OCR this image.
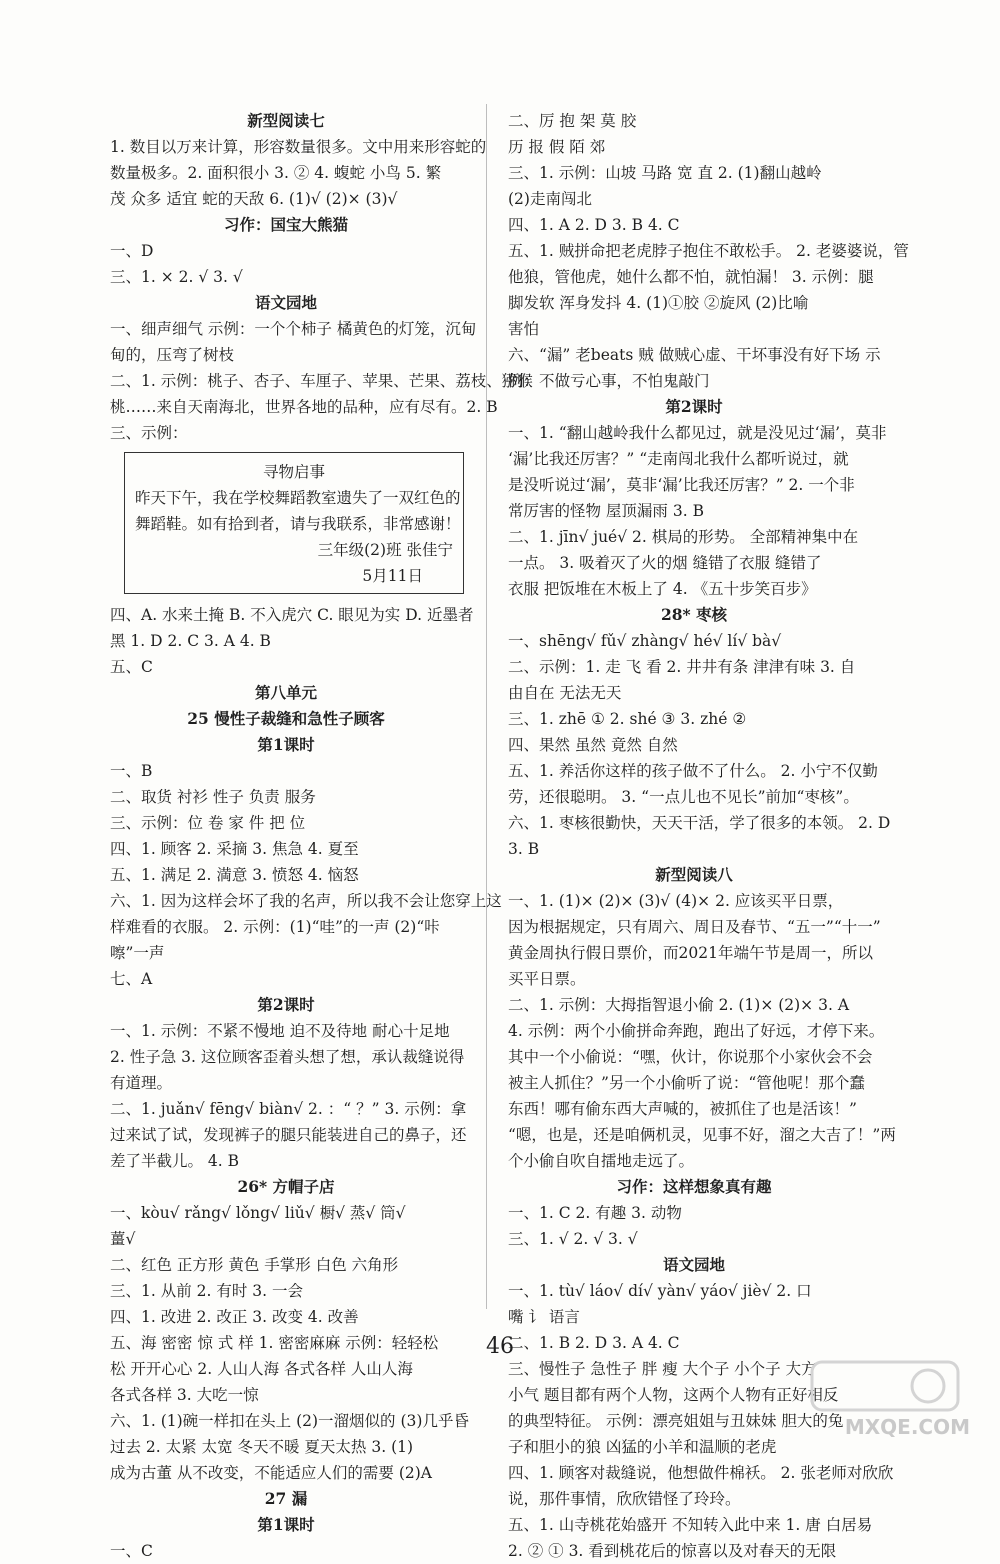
新型阅读七
1. 数目以万来计算，形容数量很多。文中用来形容蛇的
数量极多。2. 面积很小 3. ② 4. 蝮蛇 小鸟 5. 繁
茂 众多 适宜 蛇的天敌 6. (1)√ (2)× (3)√
习作：国宝大熊猫
一、D
三、1. × 2. √ 3. √
语文园地
一、细声细气 示例：一个个柿子 橘黄色的灯笼，沉甸
甸的，压弯了树枝
二、1. 示例：桃子、杏子、车厘子、苹果、芒果、荔枝、猕猴
桃……来自天南海北，世界各地的品种，应有尽有。2. B
三、示例：
寻物启事
昨天下午，我在学校舞蹈教室遗失了一双红色的
舞蹈鞋。如有拾到者，请与我联系，非常感谢！
三年级(2)班 张佳宁
5月11日
四、A. 水来土掩 B. 不入虎穴 C. 眼见为实 D. 近墨者
黑 1. D 2. C 3. A 4. B
五、C
第八单元
25 慢性子裁缝和急性子顾客
第1课时
一、B
二、取货 衬衫 性子 负责 服务
三、示例：位 卷 家 件 把 位
四、1. 顾客 2. 采摘 3. 焦急 4. 夏至
五、1. 满足 2. 満意 3. 愤怒 4. 恼怒
六、1. 因为这样会坏了我的名声，所以我不会让您穿上这
样难看的衣服。 2. 示例：(1)“哇”的一声 (2)“咔
嚓”一声
七、A
第2课时
一、1. 示例：不紧不慢地 迫不及待地 耐心十足地
2. 性子急 3. 这位顾客歪着头想了想，承认裁缝说得
有道理。
二、1. juǎn√ fēng√ biàn√ 2. ：“ ？” 3. 示例：拿
过来试了试，发现裤子的腿只能装进自己的鼻子，还
差了半截儿。 4. B
26* 方帽子店
一、kòu√ rǎng√ lǒng√ liǔ√ 橱√ 蒸√ 筒√
薑√
二、红色 正方形 黄色 手掌形 白色 六角形
三、1. 从前 2. 有时 3. 一会
四、1. 改进 2. 改正 3. 改变 4. 改善
五、海 密密 惊 式 样 1. 密密麻麻 示例：轻轻松
松 开开心心 2. 人山人海 各式各样 人山人海
各式各样 3. 大吃一惊
六、1. (1)碗一样扣在头上 (2)一溜烟似的 (3)几乎昏
过去 2. 太紧 太宽 冬天不暖 夏天太热 3. (1)
成为古董 从不改变，不能适应人们的需要 (2)A
27 漏
第1课时
一、C
二、厉 抱 架 莫 胶
历 报 假 陌 郊
三、1. 示例：山坡 马路 宽 直 2. (1)翻山越岭
(2)走南闯北
四、1. A 2. D 3. B 4. C
五、1. 贼拼命把老虎脖子抱住不敢松手。 2. 老婆婆说，管
他狼，管他虎，她什么都不怕，就怕漏！ 3. 示例：腿
脚发软 浑身发抖 4. (1)①胶 ②旋风 (2)比喻
害怕
六、“漏” 老beats 贼 做贼心虚、干坏事没有好下场 示
例：不做亏心事，不怕鬼敲门
第2课时
一、1. “翻山越岭我什么都见过，就是没见过‘漏’，莫非
‘漏’比我还厉害？” “走南闯北我什么都听说过，就
是没听说过‘漏’，莫非‘漏’比我还厉害？” 2. 一个非
常厉害的怪物 屋顶漏雨 3. B
二、1. jīn√ jué√ 2. 棋局的形势。 全部精神集中在
一点。 3. 吸着灭了火的烟 缝错了衣服 缝错了
衣服 把饭堆在木板上了 4. 《五十步笑百步》
28* 枣核
一、shēng√ fǔ√ zhàng√ hé√ lí√ bà√
二、示例：1. 走 飞 看 2. 井井有条 津津有味 3. 自
由自在 无法无天
三、1. zhē ① 2. shé ③ 3. zhé ②
四、果然 虽然 竟然 自然
五、1. 养活你这样的孩子做不了什么。 2. 小宁不仅勤
劳，还很聪明。 3. “一点儿也不见长”前加“枣核”。
六、1. 枣核很勤快，天天干活，学了很多的本领。 2. D
3. B
新型阅读八
一、1. (1)× (2)× (3)√ (4)× 2. 应该买平日票，
因为根据规定，只有周六、周日及春节、“五一”“十一”
黄金周执行假日票价，而2021年端午节是周一，所以
买平日票。
二、1. 示例：大拇指智退小偷 2. (1)× (2)× 3. A
4. 示例：两个小偷拼命奔跑，跑出了好远，才停下来。
其中一个小偷说：“嘿，伙计，你说那个小家伙会不会
被主人抓住？”另一个小偷听了说：“管他呢！那个蠢
东西！哪有偷东西大声喊的，被抓住了也是活该！”
“嗯，也是，还是咱俩机灵，见事不好，溜之大吉了！”两
个小偷自吹自擂地走远了。
习作：这样想象真有趣
一、1. C 2. 有趣 3. 动物
三、1. √ 2. √ 3. √
语文园地
一、1. tù√ láo√ dí√ yàn√ yáo√ jiè√ 2. 口
嘴 讠 语言
二、1. B 2. D 3. A 4. C
三、慢性子 急性子 胖 瘦 大个子 小个子 大方
小气 题目都有两个人物，这两个人物有正好相反
的典型特征。 示例：漂亮姐姐与丑妹妹 胆大的兔
子和胆小的狼 凶猛的小羊和温顺的老虎
四、1. 顾客对裁缝说，他想做件棉袄。 2. 张老师对欣欣
说，那件事情，欣欣错怪了玲玲。
五、1. 山寺桃花始盛开 不知转入此中来 1. 唐 白居易
2. ② ① 3. 看到桃花后的惊喜以及对春天的无限
46
MXQE.COM
